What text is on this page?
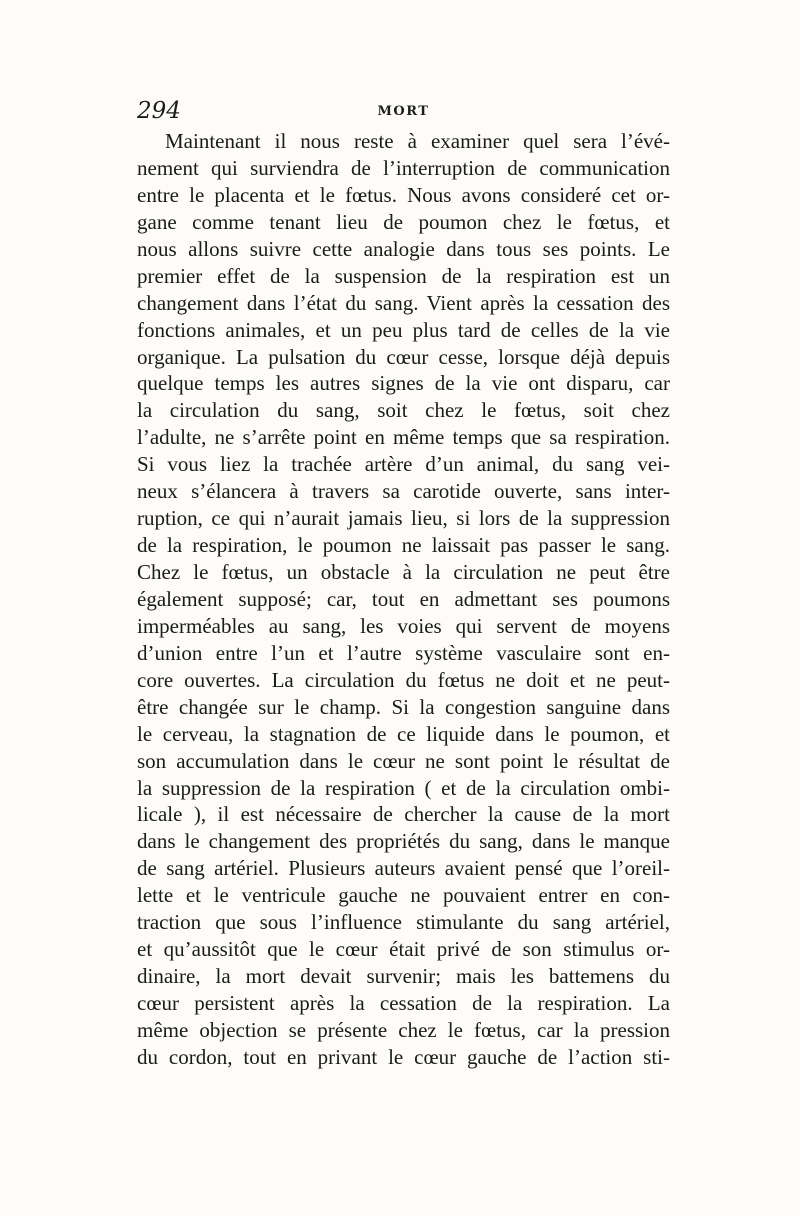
294	MORT
Maintenant il nous reste à examiner quel sera l’évé-
nement qui surviendra de l’interruption de communication
entre le placenta et le fœtus. Nous avons consideré cet or-
gane comme tenant lieu de poumon chez le fœtus, et
nous allons suivre cette analogie dans tous ses points. Le
premier effet de la suspension de la respiration est un
changement dans l’état du sang. Vient après la cessation des
fonctions animales, et un peu plus tard de celles de la vie
organique. La pulsation du cœur cesse, lorsque déjà depuis
quelque temps les autres signes de la vie ont disparu, car
la circulation du sang, soit chez le fœtus, soit chez
l’adulte, ne s’arrête point en même temps que sa respiration.
Si vous liez la trachée artère d’un animal, du sang vei-
neux s’élancera à travers sa carotide ouverte, sans inter-
ruption, ce qui n’aurait jamais lieu, si lors de la suppression
de la respiration, le poumon ne laissait pas passer le sang.
Chez le fœtus, un obstacle à la circulation ne peut être
également supposé; car, tout en admettant ses poumons
imperméables au sang, les voies qui servent de moyens
d’union entre l’un et l’autre système vasculaire sont en-
core ouvertes. La circulation du fœtus ne doit et ne peut-
être changée sur le champ. Si la congestion sanguine dans
le cerveau, la stagnation de ce liquide dans le poumon, et
son accumulation dans le cœur ne sont point le résultat de
la suppression de la respiration ( et de la circulation ombi-
licale ), il est nécessaire de chercher la cause de la mort
dans le changement des propriétés du sang, dans le manque
de sang artériel. Plusieurs auteurs avaient pensé que l’oreil-
lette et le ventricule gauche ne pouvaient entrer en con-
traction que sous l’influence stimulante du sang artériel,
et qu’aussitôt que le cœur était privé de son stimulus or-
dinaire, la mort devait survenir; mais les battemens du
cœur persistent après la cessation de la respiration. La
même objection se présente chez le fœtus, car la pression
du cordon, tout en privant le cœur gauche de l’action sti-
